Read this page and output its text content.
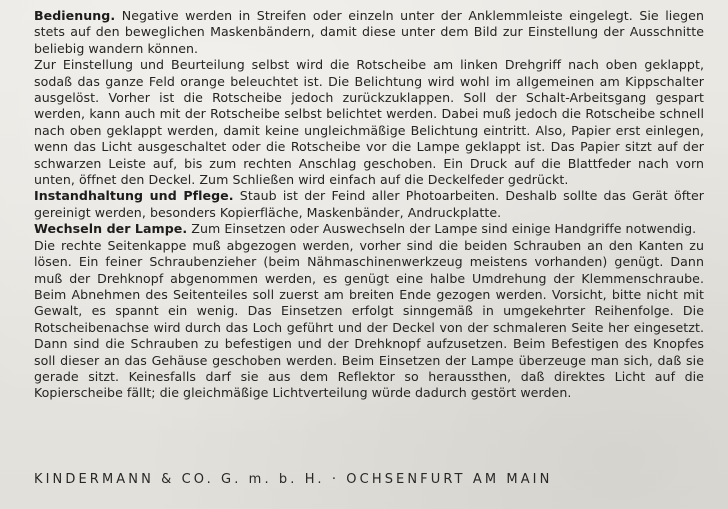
Bedienung. Negative werden in Streifen oder einzeln unter der Anklemmleiste eingelegt. Sie liegen stets auf den beweglichen Maskenbändern, damit diese unter dem Bild zur Einstellung der Ausschnitte beliebig wandern können.

Zur Einstellung und Beurteilung selbst wird die Rotscheibe am linken Drehgriff nach oben geklappt, sodaß das ganze Feld orange beleuchtet ist. Die Belichtung wird wohl im allgemeinen am Kippschalter ausgelöst. Vorher ist die Rotscheibe jedoch zurückzuklappen. Soll der Schalt-Arbeitsgang gespart werden, kann auch mit der Rotscheibe selbst belichtet werden. Dabei muß jedoch die Rotscheibe schnell nach oben geklappt werden, damit keine ungleichmäßige Belichtung eintritt. Also, Papier erst einlegen, wenn das Licht ausgeschaltet oder die Rotscheibe vor die Lampe geklappt ist. Das Papier sitzt auf der schwarzen Leiste auf, bis zum rechten Anschlag geschoben. Ein Druck auf die Blattfeder nach vorn unten, öffnet den Deckel. Zum Schließen wird einfach auf die Deckelfeder gedrückt.

Instandhaltung und Pflege. Staub ist der Feind aller Photoarbeiten. Deshalb sollte das Gerät öfter gereinigt werden, besonders Kopierfläche, Maskenbänder, Andruckplatte.

Wechseln der Lampe. Zum Einsetzen oder Auswechseln der Lampe sind einige Handgriffe notwendig.

Die rechte Seitenkappe muß abgezogen werden, vorher sind die beiden Schrauben an den Kanten zu lösen. Ein feiner Schraubenzieher (beim Nähmaschinenwerkzeug meistens vorhanden) genügt. Dann muß der Drehknopf abgenommen werden, es genügt eine halbe Umdrehung der Klemmenschraube. Beim Abnehmen des Seitenteiles soll zuerst am breiten Ende gezogen werden. Vorsicht, bitte nicht mit Gewalt, es spannt ein wenig. Das Einsetzen erfolgt sinngemäß in umgekehrter Reihenfolge. Die Rotscheibenachse wird durch das Loch geführt und der Deckel von der schmaleren Seite her eingesetzt. Dann sind die Schrauben zu befestigen und der Drehknopf aufzusetzen. Beim Befestigen des Knopfes soll dieser an das Gehäuse geschoben werden. Beim Einsetzen der Lampe überzeuge man sich, daß sie gerade sitzt. Keinesfalls darf sie aus dem Reflektor so heraussthen, daß direktes Licht auf die Kopierscheibe fällt; die gleichmäßige Lichtverteilung würde dadurch gestört werden.

KINDERMANN & CO. G. m. b. H. · OCHSENFURT AM MAIN
